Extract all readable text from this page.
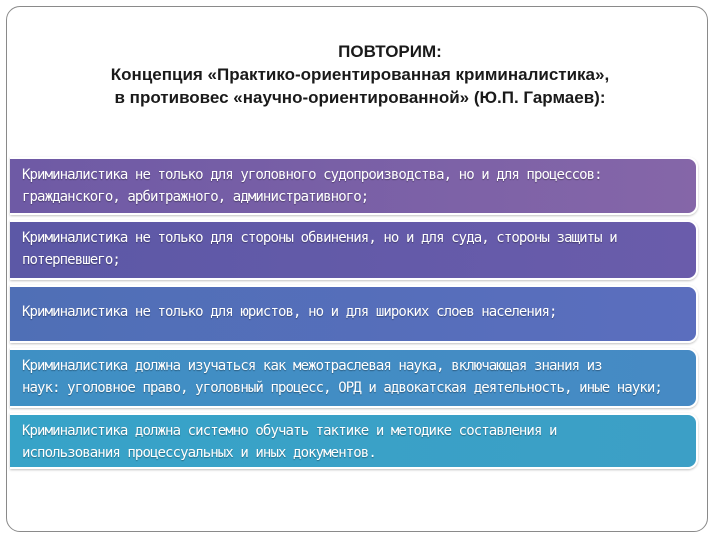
ПОВТОРИМ:
Концепция «Практико-ориентированная криминалистика»,
в противовес «научно-ориентированной» (Ю.П. Гармаев):
Криминалистика не только для уголовного судопроизводства, но и для процессов:
гражданского, арбитражного, административного;
Криминалистика не только для стороны обвинения, но и для суда, стороны защиты и
потерпевшего;
Криминалистика не только для юристов, но и для широких слоев населения;
Криминалистика должна изучаться как межотраслевая наука, включающая знания из
наук: уголовное право, уголовный процесс, ОРД и адвокатская деятельность, иные науки;
Криминалистика должна системно обучать тактике и методике составления и
использования процессуальных и иных документов.
